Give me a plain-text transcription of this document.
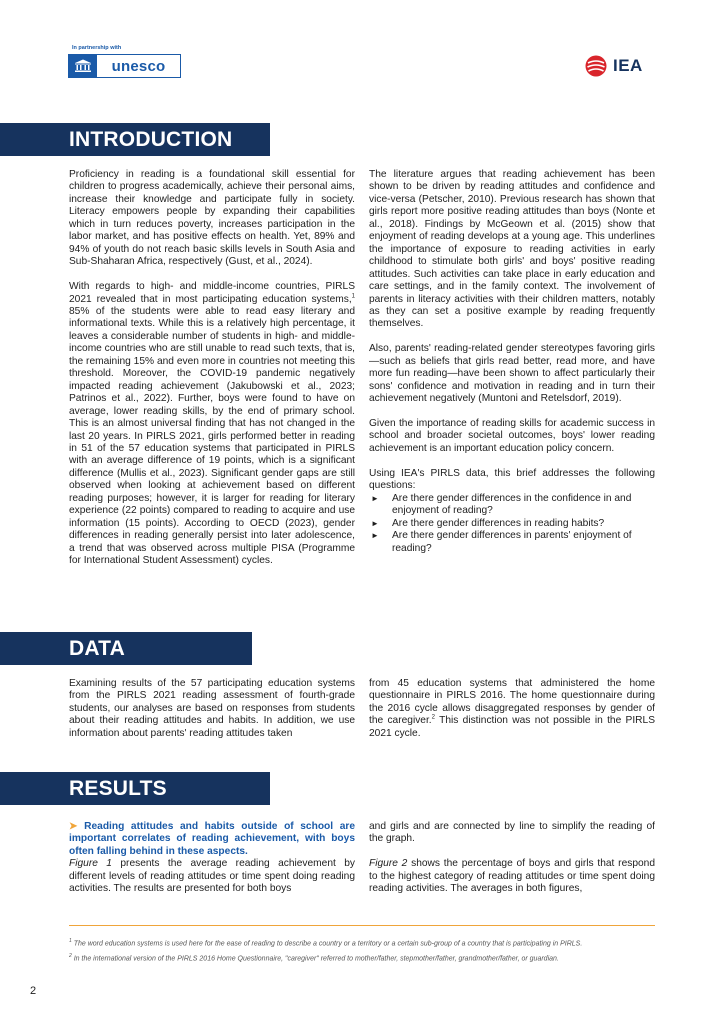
In partnership with
unesco	IEA
INTRODUCTION

Proficiency in reading is a foundational skill essential for children to progress academically, achieve their personal aims, increase their knowledge and participate fully in society. Literacy empowers people by expanding their capabilities which in turn reduces poverty, increases participation in the labor market, and has positive effects on health. Yet, 89% and 94% of youth do not reach basic skills levels in South Asia and Sub-Shaharan Africa, respectively (Gust, et al., 2024).

With regards to high- and middle-income countries, PIRLS 2021 revealed that in most participating education systems,$^1$ 85% of the students were able to read easy literary and informational texts. While this is a relatively high percentage, it leaves a considerable number of students in high- and middle-income countries who are still unable to read such texts, that is, the remaining 15% and even more in countries not meeting this threshold. Moreover, the COVID-19 pandemic negatively impacted reading achievement (Jakubowski et al., 2023; Patrinos et al., 2022). Further, boys were found to have on average, lower reading skills, by the end of primary school. This is an almost universal finding that has not changed in the last 20 years. In PIRLS 2021, girls performed better in reading in 51 of the 57 education systems that participated in PIRLS with an average difference of 19 points, which is a significant difference (Mullis et al., 2023). Significant gender gaps are still observed when looking at achievement based on different reading purposes; however, it is larger for reading for literary experience (22 points) compared to reading to acquire and use information (15 points). According to OECD (2023), gender differences in reading generally persist into later adolescence, a trend that was observed across multiple PISA (Programme for International Student Assessment) cycles.

The literature argues that reading achievement has been shown to be driven by reading attitudes and confidence and vice-versa (Petscher, 2010). Previous research has shown that girls report more positive reading attitudes than boys (Nonte et al., 2018). Findings by McGeown et al. (2015) show that enjoyment of reading develops at a young age. This underlines the importance of exposure to reading activities in early childhood to stimulate both girls' and boys' positive reading attitudes. Such activities can take place in early education and care settings, and in the family context. The involvement of parents in literacy activities with their children matters, notably as they can set a positive example by reading frequently themselves.

Also, parents' reading-related gender stereotypes favoring girls—such as beliefs that girls read better, read more, and have more fun reading—have been shown to affect particularly their sons' confidence and motivation in reading and in turn their achievement negatively (Muntoni and Retelsdorf, 2019).

Given the importance of reading skills for academic success in school and broader societal outcomes, boys' lower reading achievement is an important education policy concern.

Using IEA's PIRLS data, this brief addresses the following questions:

► Are there gender differences in the confidence in and enjoyment of reading?
► Are there gender differences in reading habits?
► Are there gender differences in parents' enjoyment of reading?
DATA

Examining results of the 57 participating education systems from the PIRLS 2021 reading assessment of fourth-grade students, our analyses are based on responses from students about their reading attitudes and habits. In addition, we use information about parents' reading attitudes taken

from 45 education systems that administered the home questionnaire in PIRLS 2016. The home questionnaire during the 2016 cycle allows disaggregated responses by gender of the caregiver.$^2$ This distinction was not possible in the PIRLS 2021 cycle.

RESULTS

➤ Reading attitudes and habits outside of school are important correlates of reading achievement, with boys often falling behind in these aspects.

Figure 1 presents the average reading achievement by different levels of reading attitudes or time spent doing reading activities. The results are presented for both boys

and girls and are connected by line to simplify the reading of the graph.

Figure 2 shows the percentage of boys and girls that respond to the highest category of reading attitudes or time spent doing reading activities. The averages in both figures,

$^1$ The word education systems is used here for the ease of reading to describe a country or a territory or a certain sub-group of a country that is participating in PIRLS.

$^2$ In the international version of the PIRLS 2016 Home Questionnaire, "caregiver" referred to mother/father, stepmother/father, grandmother/father, or guardian.

2
